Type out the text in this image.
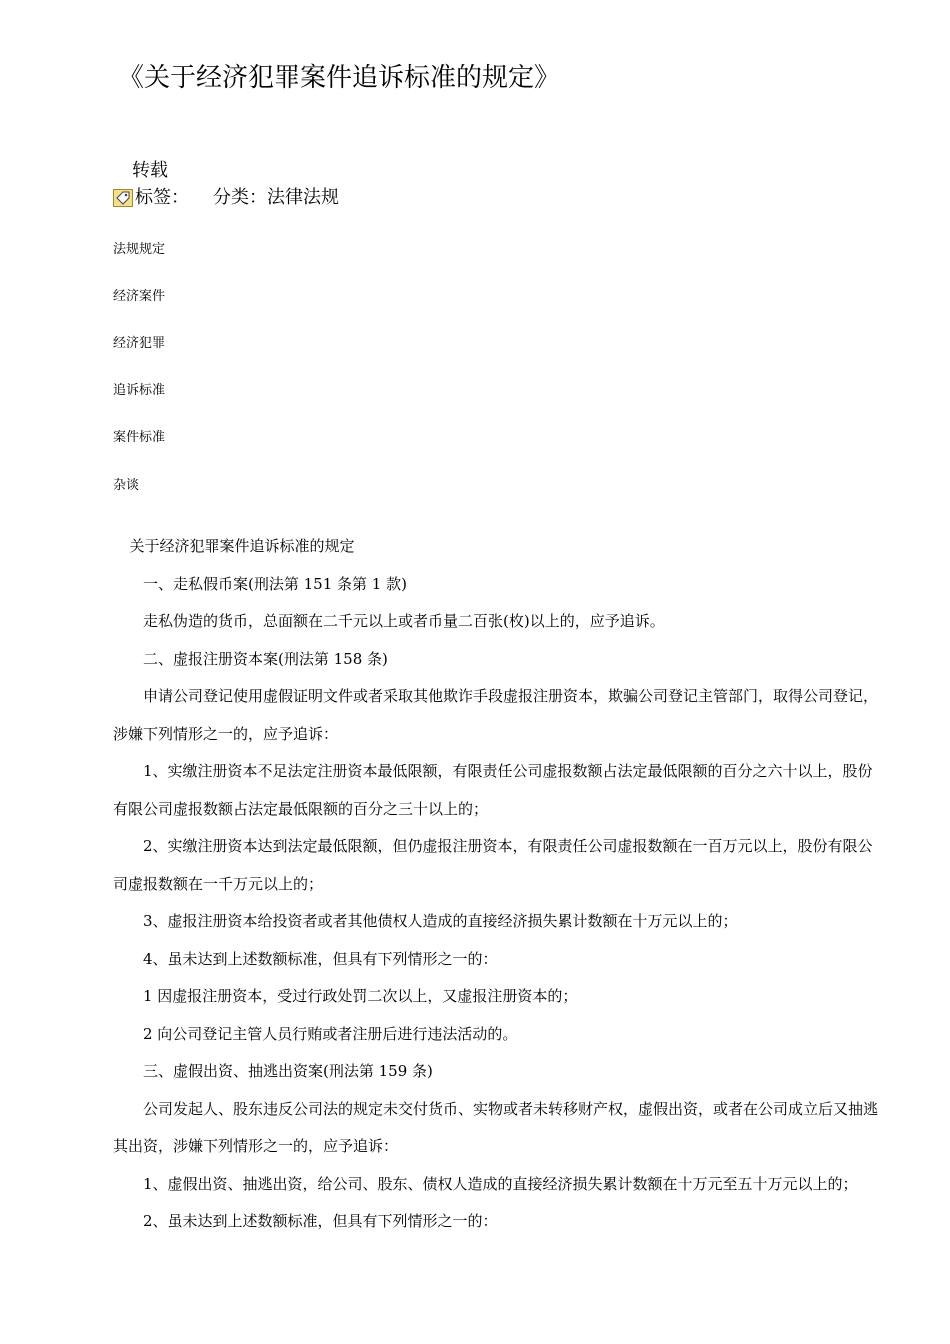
《关于经济犯罪案件追诉标准的规定》
转载
标签： 分类：法律法规
法规规定
经济案件
经济犯罪
追诉标准
案件标准
杂谈

关于经济犯罪案件追诉标准的规定

一、走私假币案(刑法第 151 条第 1 款)

走私伪造的货币，总面额在二千元以上或者币量二百张(枚)以上的，应予追诉。

二、虚报注册资本案(刑法第 158 条)

申请公司登记使用虚假证明文件或者采取其他欺诈手段虚报注册资本，欺骗公司登记主管部门，取得公司登记，涉嫌下列情形之一的，应予追诉：

1、实缴注册资本不足法定注册资本最低限额，有限责任公司虚报数额占法定最低限额的百分之六十以上，股份有限公司虚报数额占法定最低限额的百分之三十以上的；

2、实缴注册资本达到法定最低限额，但仍虚报注册资本，有限责任公司虚报数额在一百万元以上，股份有限公司虚报数额在一千万元以上的；

3、虚报注册资本给投资者或者其他债权人造成的直接经济损失累计数额在十万元以上的；

4、虽未达到上述数额标准，但具有下列情形之一的：

1 因虚报注册资本，受过行政处罚二次以上，又虚报注册资本的；

2 向公司登记主管人员行贿或者注册后进行违法活动的。

三、虚假出资、抽逃出资案(刑法第 159 条)

公司发起人、股东违反公司法的规定未交付货币、实物或者未转移财产权，虚假出资，或者在公司成立后又抽逃其出资，涉嫌下列情形之一的，应予追诉：

1、虚假出资、抽逃出资，给公司、股东、债权人造成的直接经济损失累计数额在十万元至五十万元以上的；

2、虽未达到上述数额标准，但具有下列情形之一的：
